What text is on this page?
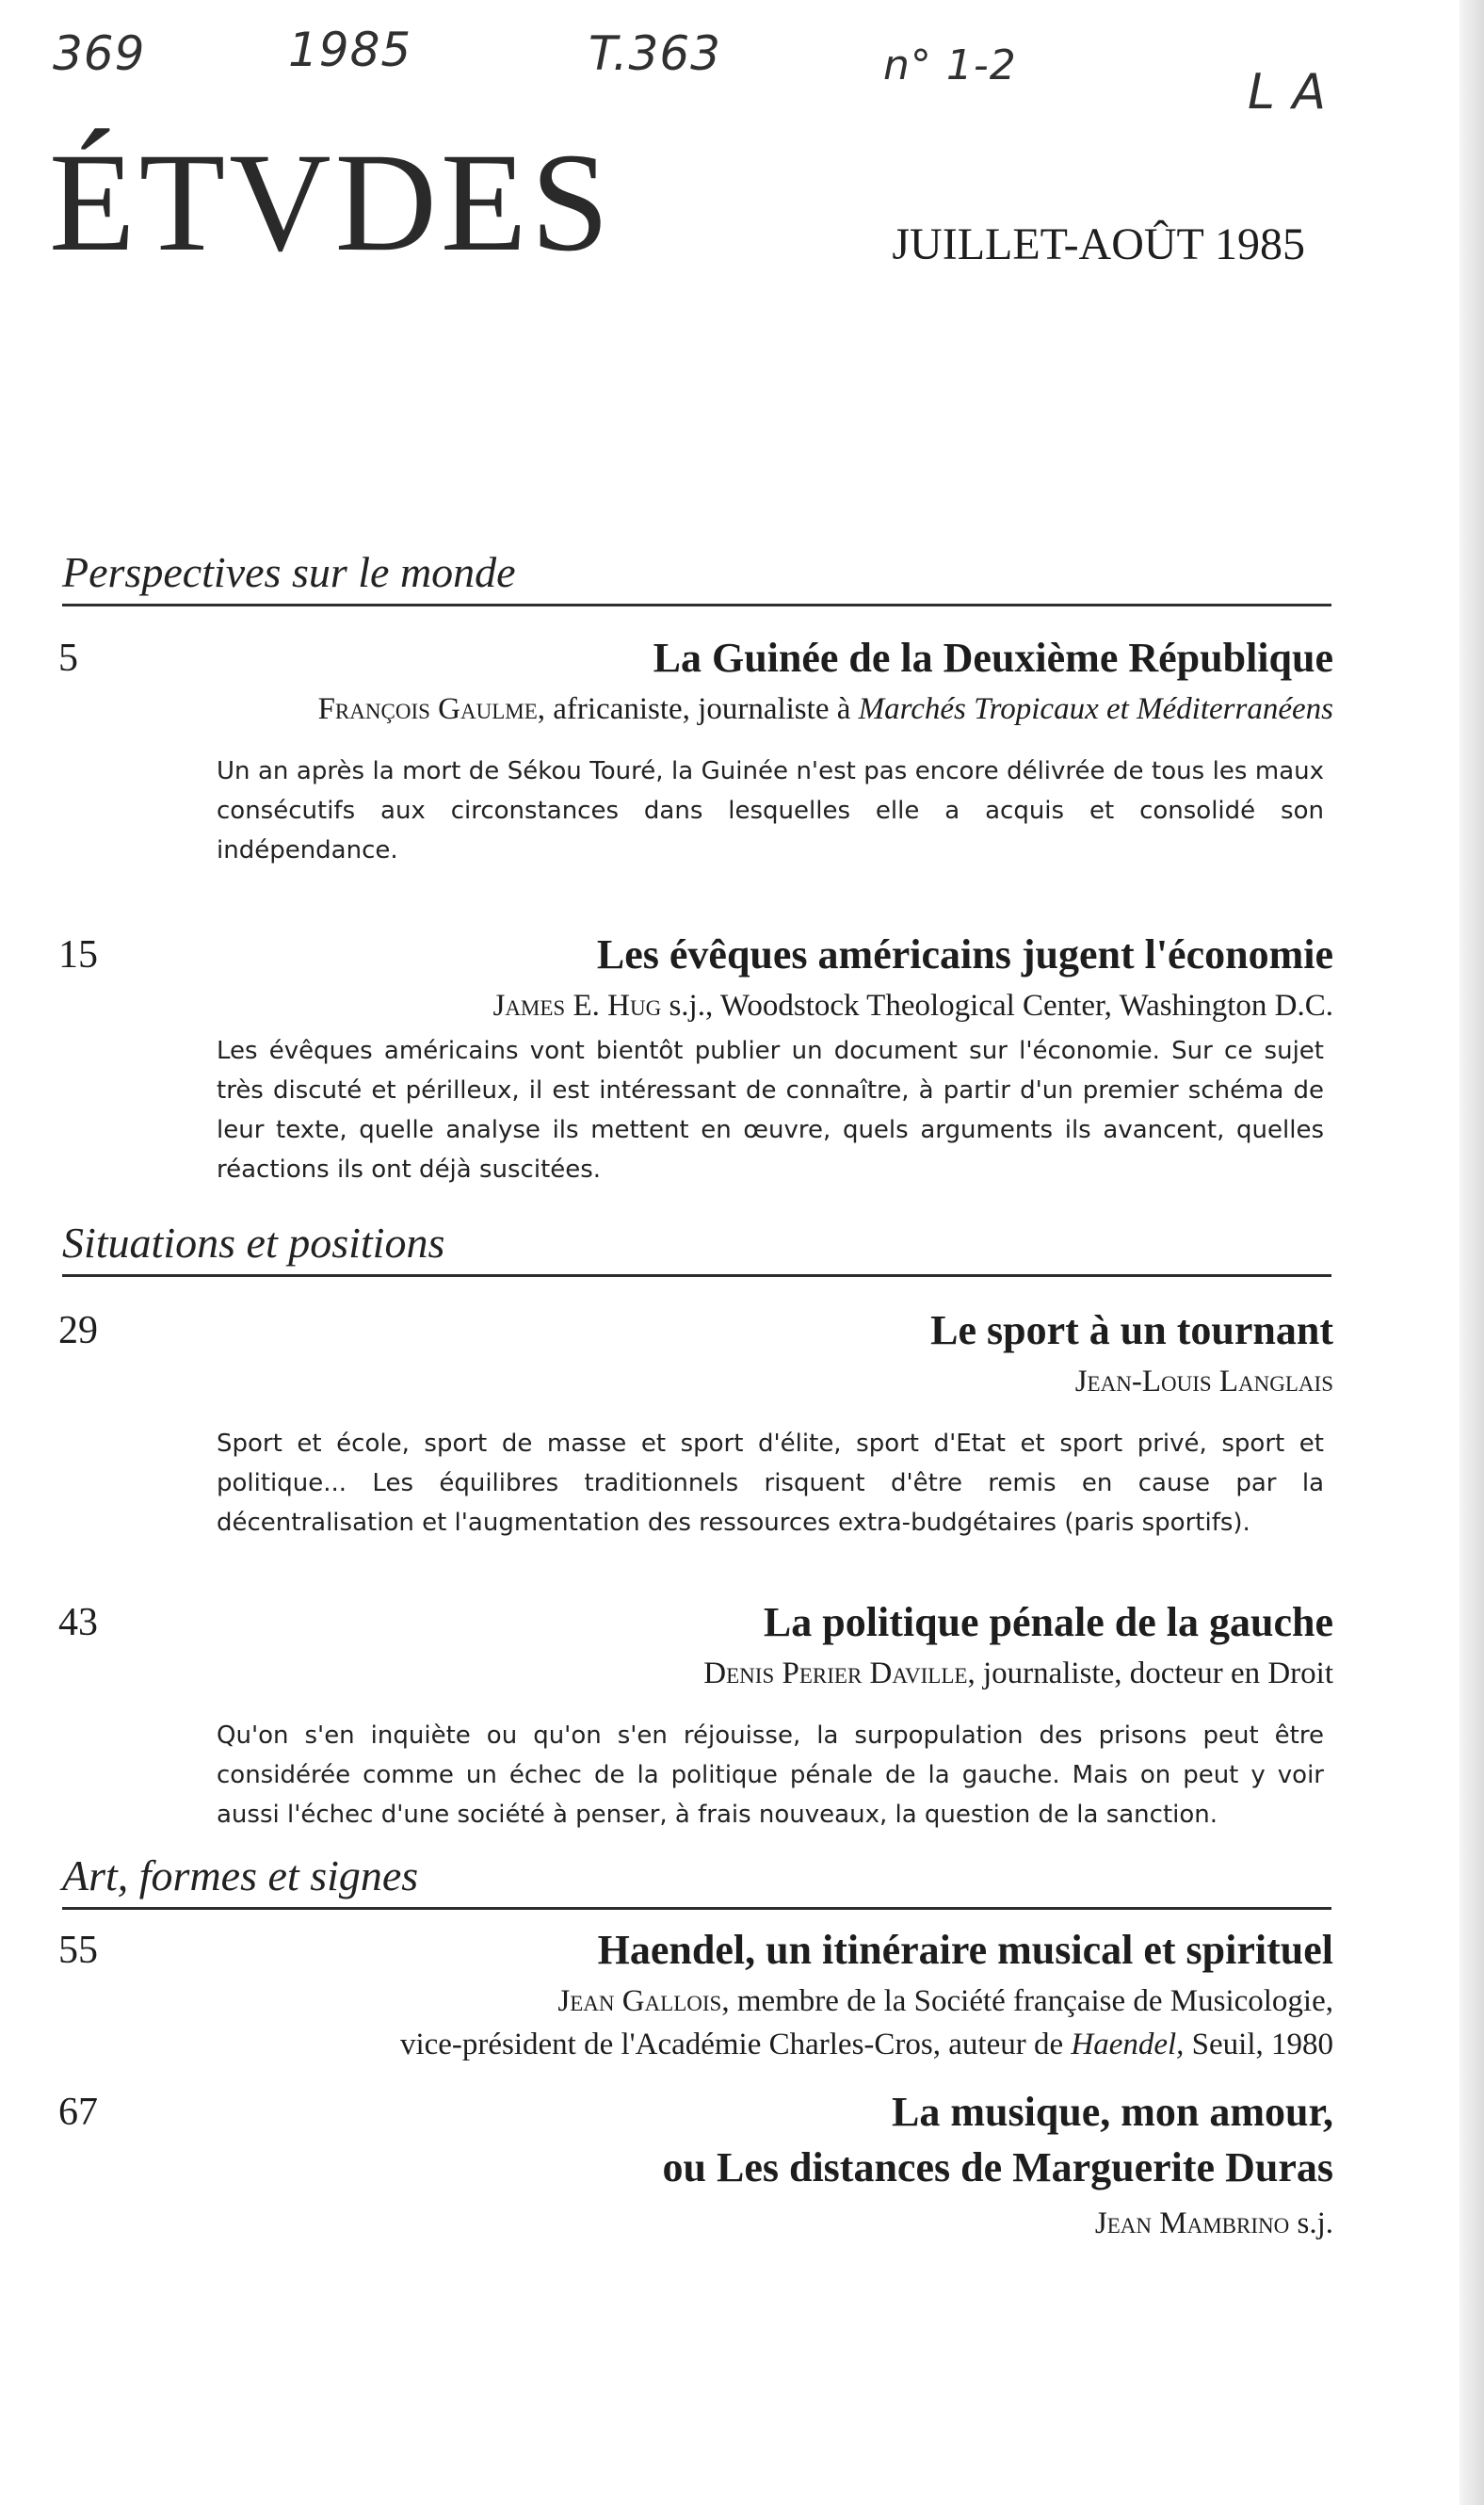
369	1985	T.363	n° 1-2	L A
ÉTVDES	JUILLET-AOÛT 1985
Perspectives sur le monde
5	La Guinée de la Deuxième République
François Gaulme, africaniste, journaliste à Marchés Tropicaux et Méditerranéens
Un an après la mort de Sékou Touré, la Guinée n'est pas encore délivrée de tous les maux consécutifs aux circonstances dans lesquelles elle a acquis et consolidé son indépendance.
15	Les évêques américains jugent l'économie
James E. Hug s.j., Woodstock Theological Center, Washington D.C.
Les évêques américains vont bientôt publier un document sur l'économie. Sur ce sujet très discuté et périlleux, il est intéressant de connaître, à partir d'un premier schéma de leur texte, quelle analyse ils mettent en œuvre, quels arguments ils avancent, quelles réactions ils ont déjà suscitées.
Situations et positions
29	Le sport à un tournant
Jean-Louis Langlais
Sport et école, sport de masse et sport d'élite, sport d'Etat et sport privé, sport et politique... Les équilibres traditionnels risquent d'être remis en cause par la décentralisation et l'augmentation des ressources extra-budgétaires (paris sportifs).
43	La politique pénale de la gauche
Denis Perier Daville, journaliste, docteur en Droit
Qu'on s'en inquiète ou qu'on s'en réjouisse, la surpopulation des prisons peut être considérée comme un échec de la politique pénale de la gauche. Mais on peut y voir aussi l'échec d'une société à penser, à frais nouveaux, la question de la sanction.
Art, formes et signes
55	Haendel, un itinéraire musical et spirituel
Jean Gallois, membre de la Société française de Musicologie,
vice-président de l'Académie Charles-Cros, auteur de Haendel, Seuil, 1980
67	La musique, mon amour,
ou Les distances de Marguerite Duras
Jean Mambrino s.j.
